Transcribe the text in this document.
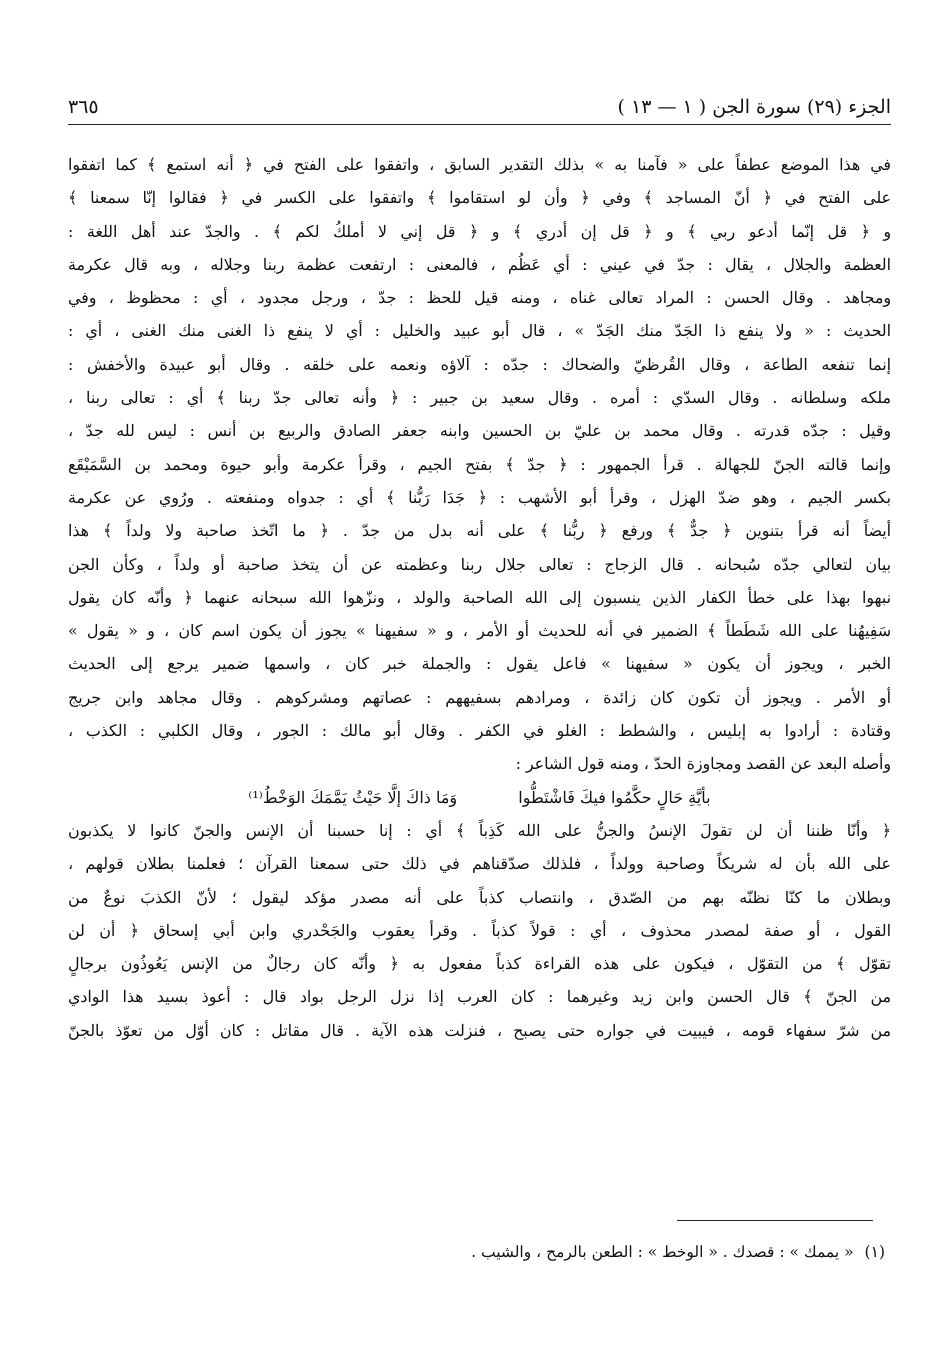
الجزء (٢٩) سورة الجن ( ١ — ١٣ )
٣٦٥
في هذا الموضع عطفاً على « فآمنا به » بذلك التقدير السابق ، واتفقوا على الفتح في ﴿ أنه استمع ﴾ كما اتفقوا
على الفتح في ﴿ أنّ المساجد ﴾ وفي ﴿ وأن لو استقاموا ﴾ واتفقوا على الكسر في ﴿ فقالوا إنّا سمعنا ﴾
و ﴿ قل إنّما أدعو ربي ﴾ و ﴿ قل إن أدري ﴾ و ﴿ قل إني لا أملكُ لكم ﴾ . والجدّ عند أهل اللغة :
العظمة والجلال ، يقال : جدّ في عيني : أي عَظُم ، فالمعنى : ارتفعت عظمة ربنا وجلاله ، وبه قال عكرمة
ومجاهد . وقال الحسن : المراد تعالى غناه ، ومنه قيل للحظ : جدّ ، ورجل مجدود ، أي : محظوظ ، وفي
الحديث : « ولا ينفع ذا الجَدّ منك الجَدّ » ، قال أبو عبيد والخليل : أي لا ينفع ذا الغنى منك الغنى ، أي :
إنما تنفعه الطاعة ، وقال القُرظيّ والضحاك : جدّه : آلاؤه ونعمه على خلقه . وقال أبو عبيدة والأخفش :
ملكه وسلطانه . وقال السدّي : أمره . وقال سعيد بن جبير : ﴿ وأنه تعالى جدّ ربنا ﴾ أي : تعالى ربنا ،
وقيل : جدّه قدرته . وقال محمد بن عليّ بن الحسين وابنه جعفر الصادق والربيع بن أنس : ليس لله جدّ ،
وإنما قالته الجنّ للجهالة . قرأ الجمهور : ﴿ جدّ ﴾ بفتح الجيم ، وقرأ عكرمة وأبو حيوة ومحمد بن السَّمَيْقَع
بكسر الجيم ، وهو ضدّ الهزل ، وقرأ أبو الأشهب : ﴿ جَدَا رَبُّنا ﴾ أي : جدواه ومنفعته . ورُوي عن عكرمة
أيضاً أنه قرأ بتنوين ﴿ جدٌّ ﴾ ورفع ﴿ ربُّنا ﴾ على أنه بدل من جدّ . ﴿ ما اتّخذ صاحبة ولا ولداً ﴾ هذا
بيان لتعالي جدّه سُبحانه . قال الزجاج : تعالى جلال ربنا وعظمته عن أن يتخذ صاحبة أو ولداً ، وكأن الجن
نبهوا بهذا على خطأ الكفار الذين ينسبون إلى الله الصاحبة والولد ، ونزّهوا الله سبحانه عنهما ﴿ وأنّه كان يقول
سَفِيهُنا على الله شَطَطاً ﴾ الضمير في أنه للحديث أو الأمر ، و « سفيهنا » يجوز أن يكون اسم كان ، و « يقول »
الخبر ، ويجوز أن يكون « سفيهنا » فاعل يقول : والجملة خبر كان ، واسمها ضمير يرجع إلى الحديث
أو الأمر . ويجوز أن تكون كان زائدة ، ومرادهم بسفيههم : عصاتهم ومشركوهم . وقال مجاهد وابن جريج
وقتادة : أرادوا به إبليس ، والشطط : الغلو في الكفر . وقال أبو مالك : الجور ، وقال الكلبي : الكذب ،
وأصله البعد عن القصد ومجاوزة الحدّ ، ومنه قول الشاعر :
بأيَّةِ حَالٍ حكَّمُوا فيكَ فَاشْتَطُّوا وَمَا ذاكَ إلَّا حَيْثُ يَمَّمَكَ الوَخْطُ⁽¹⁾
﴿ وأنّا ظننا أن لن تقولَ الإنسُ والجنُّ على الله كَذِباً ﴾ أي : إنا حسبنا أن الإنس والجنّ كانوا لا يكذبون
على الله بأن له شريكاً وصاحبة وولداً ، فلذلك صدّقناهم في ذلك حتى سمعنا القرآن ؛ فعلمنا بطلان قولهم ،
وبطلان ما كنّا نظنّه بهم من الصّدق ، وانتصاب كذباً على أنه مصدر مؤكد ليقول ؛ لأنّ الكذبَ نوعٌ من
القول ، أو صفة لمصدر محذوف ، أي : قولاً كذباً . وقرأ يعقوب والجَحْدري وابن أبي إسحاق ﴿ أن لن
تقوّل ﴾ من التقوّل ، فيكون على هذه القراءة كذباً مفعول به ﴿ وأنّه كان رجالٌ من الإنس يَعُوذُون برجالٍ
من الجنّ ﴾ قال الحسن وابن زيد وغيرهما : كان العرب إذا نزل الرجل بواد قال : أعوذ بسيد هذا الوادي
من شرّ سفهاء قومه ، فيبيت في جواره حتى يصبح ، فنزلت هذه الآية . قال مقاتل : كان أوّل من تعوّذ بالجنّ
(١) « يممك » : قصدك . « الوخط » : الطعن بالرمح ، والشيب .
